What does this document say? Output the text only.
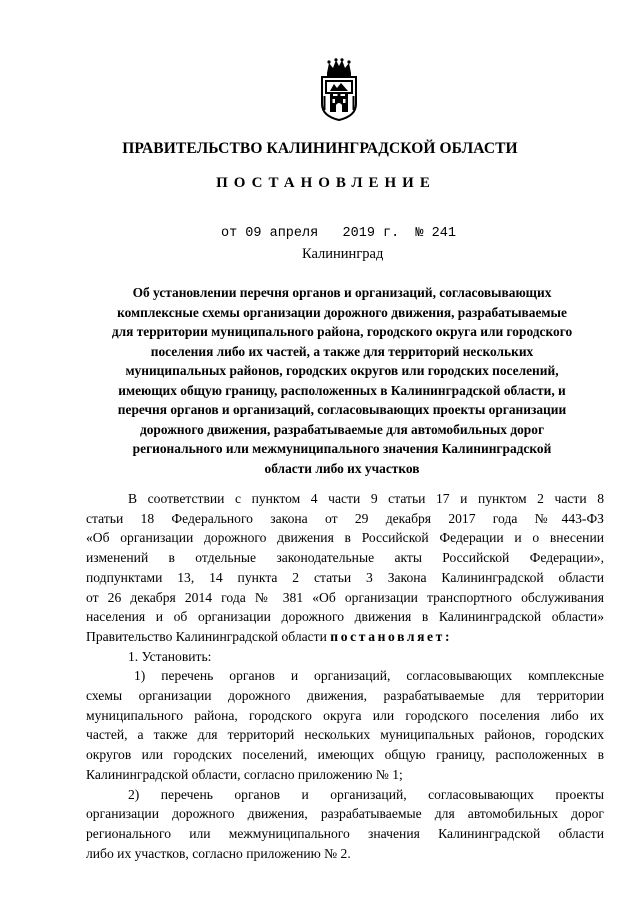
ПРАВИТЕЛЬСТВО КАЛИНИНГРАДСКОЙ ОБЛАСТИ
ПОСТАНОВЛЕНИЕ
от 09 апреля   2019 г.  № 241
Калининград
Об установлении перечня органов и организаций, согласовывающих
комплексные схемы организации дорожного движения, разрабатываемые
для территории муниципального района, городского округа или городского
поселения либо их частей, а также для территорий нескольких
муниципальных районов, городских округов или городских поселений,
имеющих общую границу, расположенных в Калининградской области, и
перечня органов и организаций, согласовывающих проекты организации
дорожного движения, разрабатываемые для автомобильных дорог
регионального или межмуниципального значения Калининградской
области либо их участков
В соответствии с пунктом 4 части 9 статьи 17 и пунктом 2 части 8
статьи 18 Федерального закона от 29 декабря 2017 года №443-ФЗ
«Об организации дорожного движения в Российской Федерации и о внесении
изменений в отдельные законодательные акты Российской Федерации»,
подпунктами 13, 14 пункта 2 статьи 3 Закона Калининградской области
от 26 декабря 2014 года № 381 «Об организации транспортного обслуживания
населения и об организации дорожного движения в Калининградской области»
Правительство Калининградской области постановляет:
1. Установить:
1) перечень органов и организаций, согласовывающих комплексные
схемы организации дорожного движения, разрабатываемые для территории
муниципального района, городского округа или городского поселения либо их
частей, а также для территорий нескольких муниципальных районов, городских
округов или городских поселений, имеющих общую границу, расположенных в
Калининградской области, согласно приложению № 1;
2) перечень органов и организаций, согласовывающих проекты
организации дорожного движения, разрабатываемые для автомобильных дорог
регионального или межмуниципального значения Калининградской области
либо их участков, согласно приложению № 2.
